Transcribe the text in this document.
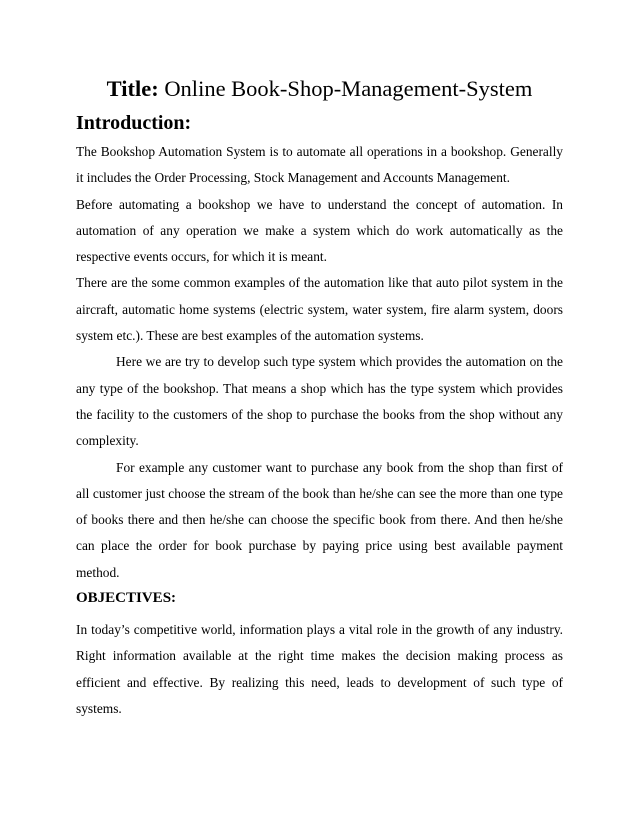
Title: Online Book-Shop-Management-System
Introduction:

The Bookshop Automation System is to automate all operations in a bookshop. Generally it includes the Order Processing, Stock Management and Accounts Management.

Before automating a bookshop we have to understand the concept of automation. In automation of any operation we make a system which do work automatically as the respective events occurs, for which it is meant.

There are the some common examples of the automation like that auto pilot system in the aircraft, automatic home systems (electric system, water system, fire alarm system, doors system etc.). These are best examples of the automation systems.

Here we are try to develop such type system which provides the automation on the any type of the bookshop. That means a shop which has the type system which provides the facility to the customers of the shop to purchase the books from the shop without any complexity.

For example any customer want to purchase any book from the shop than first of all customer just choose the stream of the book than he/she can see the more than one type of books there and then he/she can choose the specific book from there. And then he/she can place the order for book purchase by paying price using best available payment method.

OBJECTIVES:

In today’s competitive world, information plays a vital role in the growth of any industry. Right information available at the right time makes the decision making process as efficient and effective. By realizing this need, leads to development of such type of systems.
